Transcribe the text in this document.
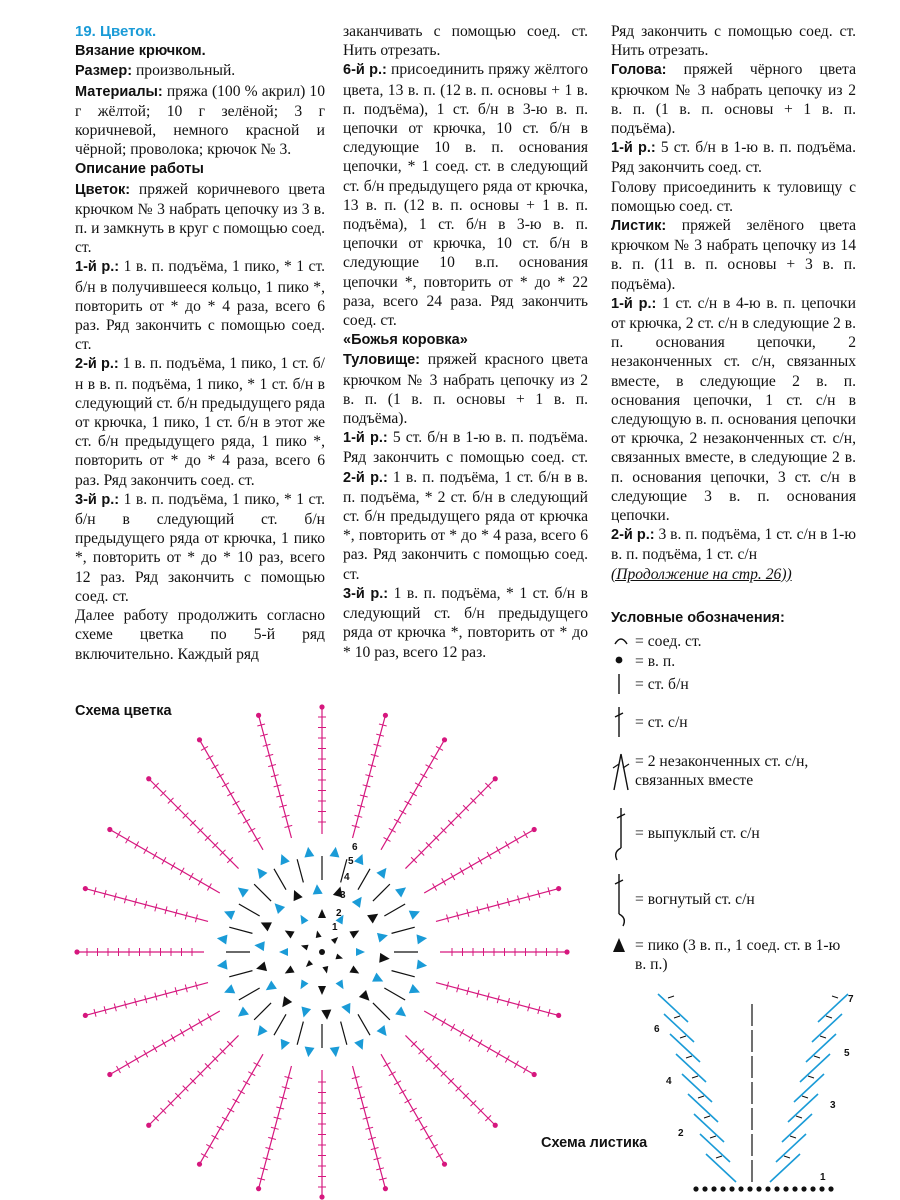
19. Цветок.

Вязание крючком.

Размер: произвольный.

Материалы: пряжа (100 % акрил) 10 г жёлтой; 10 г зелёной; 3 г коричневой, немного красной и чёрной; проволока; крючок № 3.

Описание работы

Цветок: пряжей коричневого цвета крючком № 3 набрать цепочку из 3 в. п. и замкнуть в круг с помощью соед. ст.

1-й р.: 1 в. п. подъёма, 1 пико, * 1 ст. б/н в получившееся кольцо, 1 пико *, повторить от * до * 4 раза, всего 6 раз. Ряд закончить с помощью соед. ст.

2-й р.: 1 в. п. подъёма, 1 пико, 1 ст. б/н в в. п. подъёма, 1 пико, * 1 ст. б/н в следующий ст. б/н предыдущего ряда от крючка, 1 пико, 1 ст. б/н в этот же ст. б/н предыдущего ряда, 1 пико *, повторить от * до * 4 раза, всего 6 раз. Ряд закончить соед. ст.

3-й р.: 1 в. п. подъёма, 1 пико, * 1 ст. б/н в следующий ст. б/н предыдущего ряда от крючка, 1 пико *, повторить от * до * 10 раз, всего 12 раз. Ряд закончить с помощью соед. ст.

Далее работу продолжить согласно схеме цветка по 5-й ряд включительно. Каждый ряд

заканчивать с помощью соед. ст. Нить отрезать.

6-й р.: присоединить пряжу жёлтого цвета, 13 в. п. (12 в. п. основы + 1 в. п. подъёма), 1 ст. б/н в 3-ю в. п. цепочки от крючка, 10 ст. б/н в следующие 10 в. п. основания цепочки, * 1 соед. ст. в следующий ст. б/н предыдущего ряда от крючка, 13 в. п. (12 в. п. основы + 1 в. п. подъёма), 1 ст. б/н в 3-ю в. п. цепочки от крючка, 10 ст. б/н в следующие 10 в.п. основания цепочки *, повторить от * до * 22 раза, всего 24 раза. Ряд закончить соед. ст.

«Божья коровка»

Туловище: пряжей красного цвета крючком № 3 набрать цепочку из 2 в. п. (1 в. п. основы + 1 в. п. подъёма).

1-й р.: 5 ст. б/н в 1-ю в. п. подъёма. Ряд закончить с помощью соед. ст. 2-й р.: 1 в. п. подъёма, 1 ст. б/н в в. п. подъёма, * 2 ст. б/н в следующий ст. б/н предыдущего ряда от крючка *, повторить от * до * 4 раза, всего 6 раз. Ряд закончить с помощью соед. ст.

3-й р.: 1 в. п. подъёма, * 1 ст. б/н в следующий ст. б/н предыдущего ряда от крючка *, повторить от * до * 10 раз, всего 12 раз.

Ряд закончить с помощью соед. ст. Нить отрезать.

Голова: пряжей чёрного цвета крючком № 3 набрать цепочку из 2 в. п. (1 в. п. основы + 1 в. п. подъёма).

1-й р.: 5 ст. б/н в 1-ю в. п. подъёма. Ряд закончить соед. ст.

Голову присоединить к туловищу с помощью соед. ст.

Листик: пряжей зелёного цвета крючком № 3 набрать цепочку из 14 в. п. (11 в. п. основы + 3 в. п. подъёма).

1-й р.: 1 ст. с/н в 4-ю в. п. цепочки от крючка, 2 ст. с/н в следующие 2 в. п. основания цепочки, 2 незаконченных ст. с/н, связанных вместе, в следующие 2 в. п. основания цепочки, 1 ст. с/н в следующую в. п. основания цепочки от крючка, 2 незаконченных ст. с/н, связанных вместе, в следующие 2 в. п. основания цепочки, 3 ст. с/н в следующие 3 в. п. основания цепочки.

2-й р.: 3 в. п. подъёма, 1 ст. с/н в 1-ю в. п. подъёма, 1 ст. с/н

(Продолжение на стр. 26))

Условные обозначения:
= соед. ст.
= в. п.
= ст. б/н
= ст. с/н
= 2 незаконченных ст. с/н, связанных вместе
= выпуклый ст. с/н
= вогнутый ст. с/н
= пико (3 в. п., 1 соед. ст. в 1-ю в. п.)
Схема цветка
1
2
3
4
5
6
Схема листика
1
2
3
4
5
6
7
